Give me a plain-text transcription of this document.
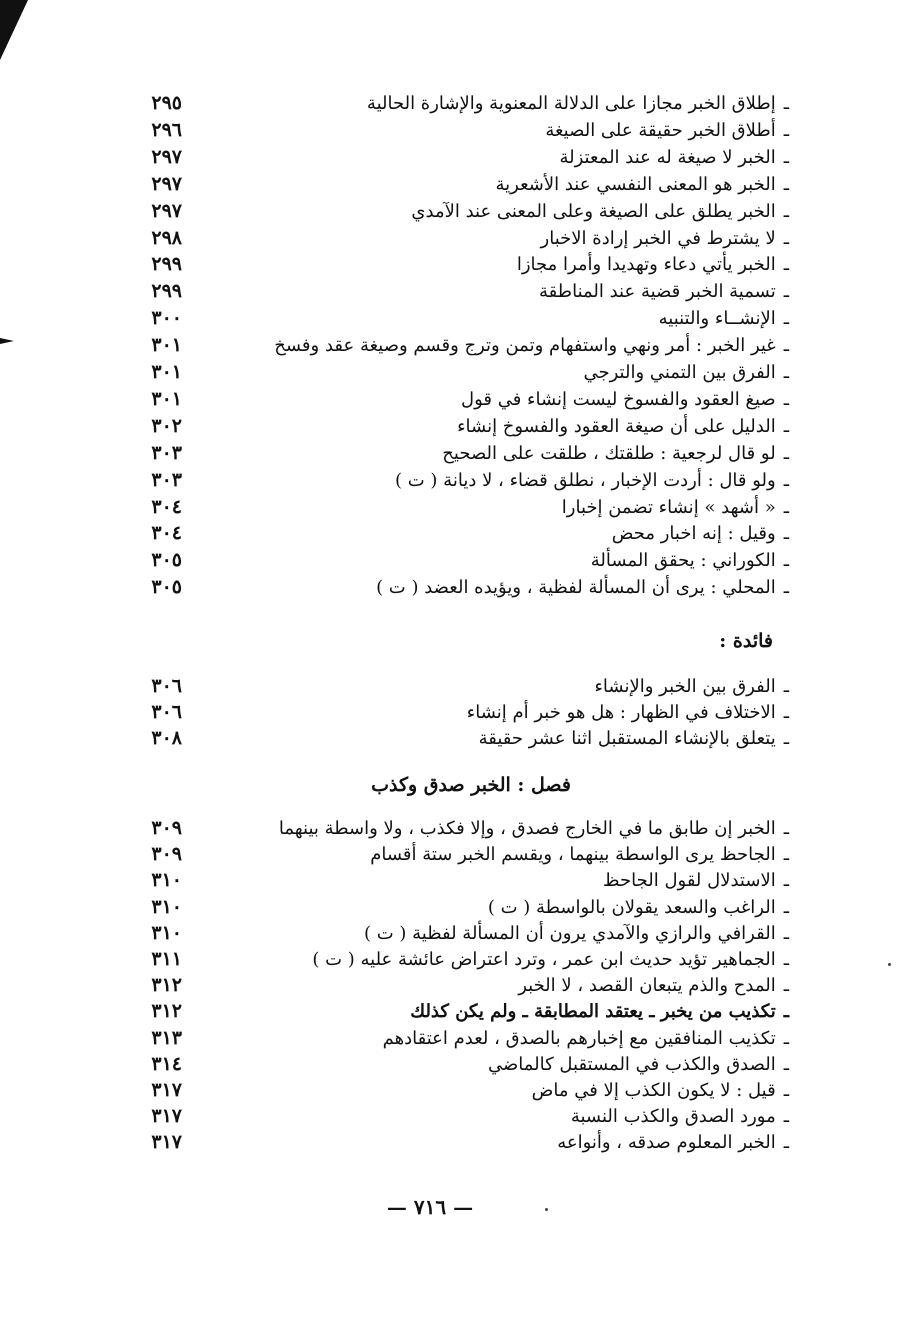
ـإطلاق الخبر مجازا على الدلالة المعنوية والإشارة الحالية
٢٩٥
ـأطلاق الخبر حقيقة على الصيغة
٢٩٦
ـالخبر لا صيغة له عند المعتزلة
٢٩٧
ـالخبر هو المعنى النفسي عند الأشعرية
٢٩٧
ـالخبر يطلق على الصيغة وعلى المعنى عند الآمدي
٢٩٧
ـلا يشترط في الخبر إرادة الاخبار
٢٩٨
ـالخبر يأتي دعاء وتهديدا وأمرا مجازا
٢٩٩
ـتسمية الخبر قضية عند المناطقة
٢٩٩
ـالإنشــاء والتنبيه
٣٠٠
ـغير الخبر : أمر ونهي واستفهام وتمن وترج وقسم وصيغة عقد وفسخ
٣٠١
ـالفرق بين التمني والترجي
٣٠١
ـصيغ العقود والفسوخ ليست إنشاء في قول
٣٠١
ـالدليل على أن صيغة العقود والفسوخ إنشاء
٣٠٢
ـلو قال لرجعية : طلقتك ، طلقت على الصحيح
٣٠٣
ـولو قال : أردت الإخبار ، نطلق قضاء ، لا ديانة ( ت )
٣٠٣
ـ« أشهد » إنشاء تضمن إخبارا
٣٠٤
ـوقيل : إنه اخبار محض
٣٠٤
ـالكوراني : يحقق المسألة
٣٠٥
ـالمحلي : يرى أن المسألة لفظية ، ويؤيده العضد ( ت )
٣٠٥
فائدة :
ـالفرق بين الخبر والإنشاء
٣٠٦
ـالاختلاف في الظهار : هل هو خبر أم إنشاء
٣٠٦
ـيتعلق بالإنشاء المستقبل اثنا عشر حقيقة
٣٠٨
فصل : الخبر صدق وكذب
ـالخبر إن طابق ما في الخارج فصدق ، وإلا فكذب ، ولا واسطة بينهما
٣٠٩
ـالجاحظ يرى الواسطة بينهما ، ويقسم الخبر ستة أقسام
٣٠٩
ـالاستدلال لقول الجاحظ
٣١٠
ـالراغب والسعد يقولان بالواسطة ( ت )
٣١٠
ـالقرافي والرازي والآمدي يرون أن المسألة لفظية ( ت )
٣١٠
ـالجماهير تؤيد حديث ابن عمر ، وترد اعتراض عائشة عليه ( ت )
٣١١
ـالمدح والذم يتبعان القصد ، لا الخبر
٣١٢
ـتكذيب من يخبر ـ يعتقد المطابقة ـ ولم يكن كذلك
٣١٢
ـتكذيب المنافقين مع إخبارهم بالصدق ، لعدم اعتقادهم
٣١٣
ـالصدق والكذب في المستقبل كالماضي
٣١٤
ـقيل : لا يكون الكذب إلا في ماض
٣١٧
ـمورد الصدق والكذب النسبة
٣١٧
ـالخبر المعلوم صدقه ، وأنواعه
٣١٧
— ٧١٦ —
